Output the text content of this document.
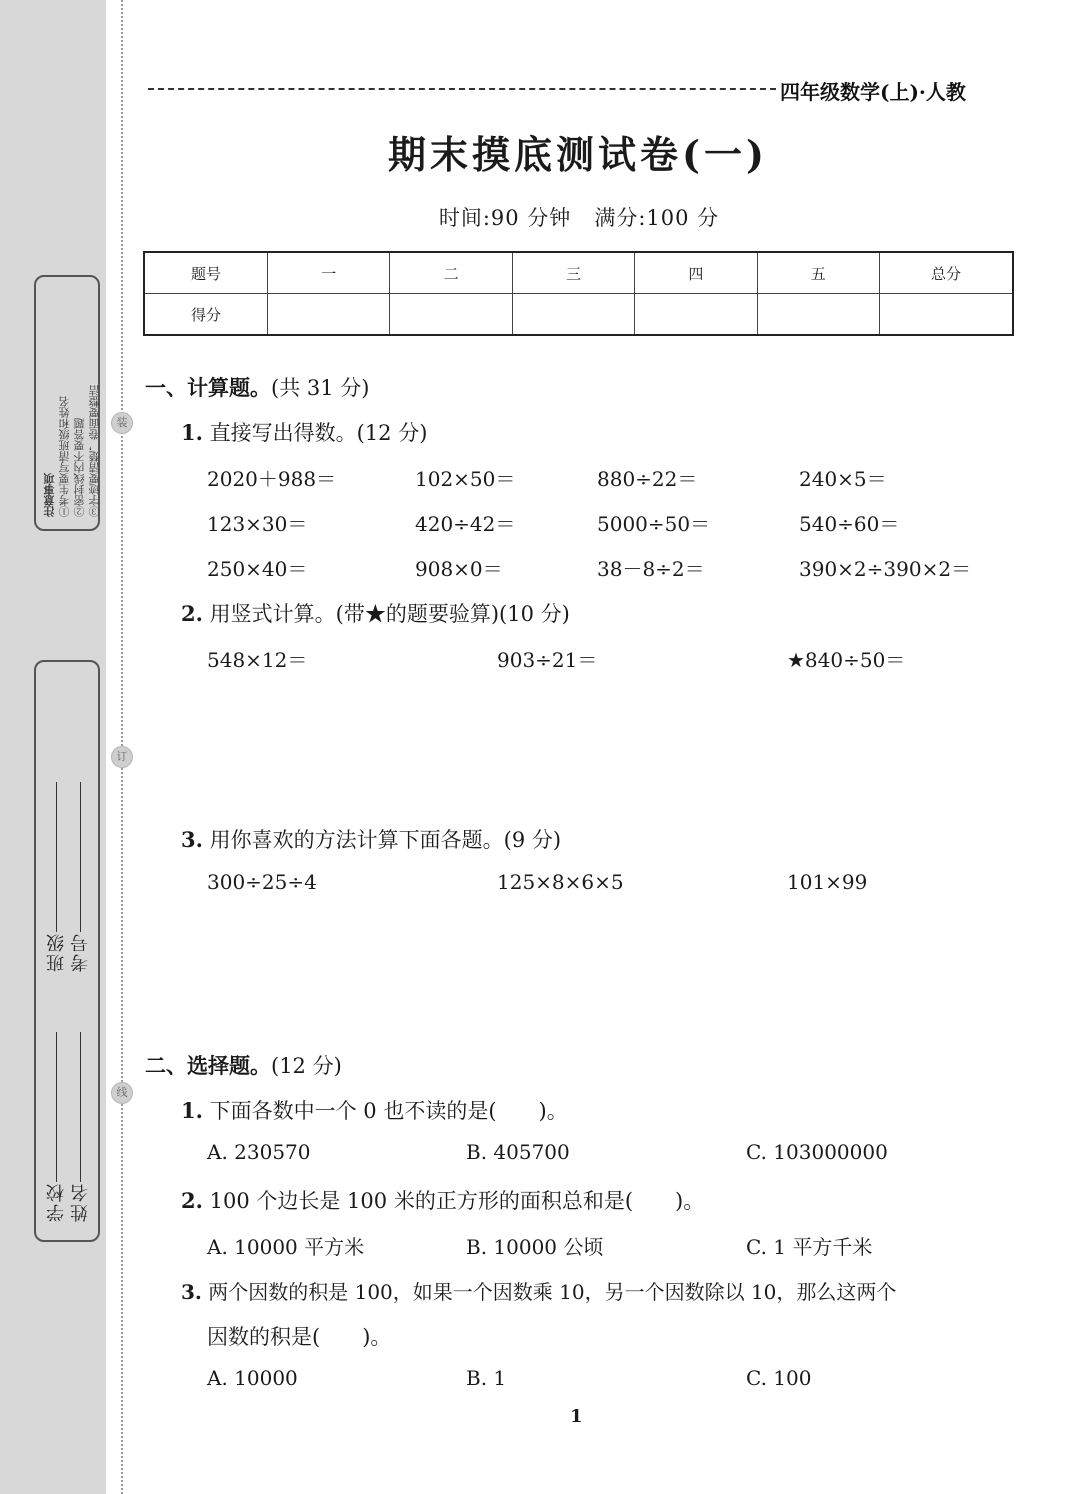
装
订
线
注意事项 ①考生要写清班级和姓名 ②密封线内不要答题 ③字迹要清楚，卷面要整洁
学校
班级
姓名
考号
四年级数学(上)·人教
期末摸底测试卷(一)
时间:90 分钟   满分:100 分
题号	一	二	三	四	五	总分
得分						
一、计算题。(共 31 分)
1. 直接写出得数。(12 分)
2020＋988＝	102×50＝	880÷22＝	240×5＝
123×30＝	420÷42＝	5000÷50＝	540÷60＝
250×40＝	908×0＝	38－8÷2＝	390×2÷390×2＝
2. 用竖式计算。(带★的题要验算)(10 分)
548×12＝	903÷21＝	★840÷50＝
3. 用你喜欢的方法计算下面各题。(9 分)
300÷25÷4	125×8×6×5	101×99
二、选择题。(12 分)
1. 下面各数中一个 0 也不读的是(　　)。
A. 230570	B. 405700	C. 103000000
2. 100 个边长是 100 米的正方形的面积总和是(　　)。
A. 10000 平方米	B. 10000 公顷	C. 1 平方千米
3. 两个因数的积是 100，如果一个因数乘 10，另一个因数除以 10，那么这两个
因数的积是(　　)。
A. 10000	B. 1	C. 100
1
